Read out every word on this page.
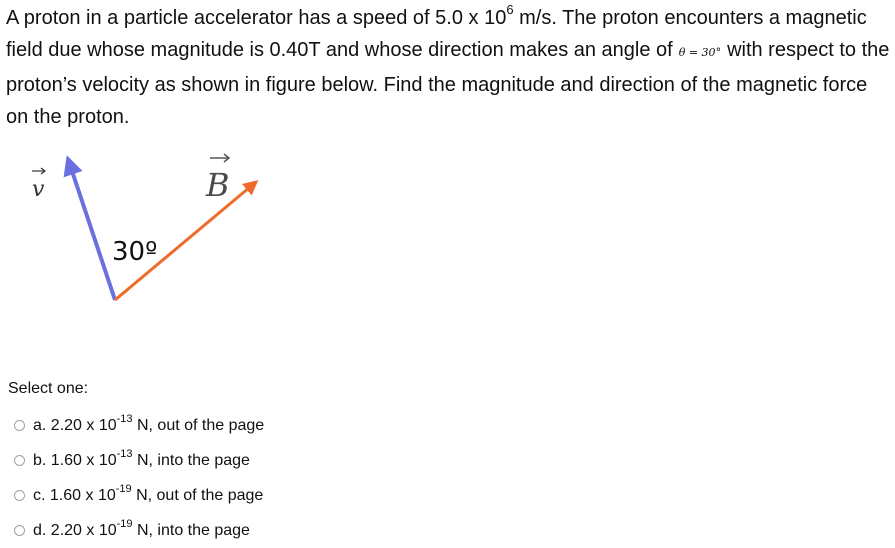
A proton in a particle accelerator has a speed of 5.0 x $10^6$ m/s. The proton encounters a magnetic field due whose magnitude is 0.40T and whose direction makes an angle of θ = 30° with respect to the proton’s velocity as shown in figure below. Find the magnitude and direction of the magnetic force on the proton.
v	B
30º
Select one:
a. 2.20 x $10^{-13}$ N, out of the page
b. 1.60 x $10^{-13}$ N, into the page
c. 1.60 x $10^{-19}$ N, out of the page
d. 2.20 x $10^{-19}$ N, into the page
